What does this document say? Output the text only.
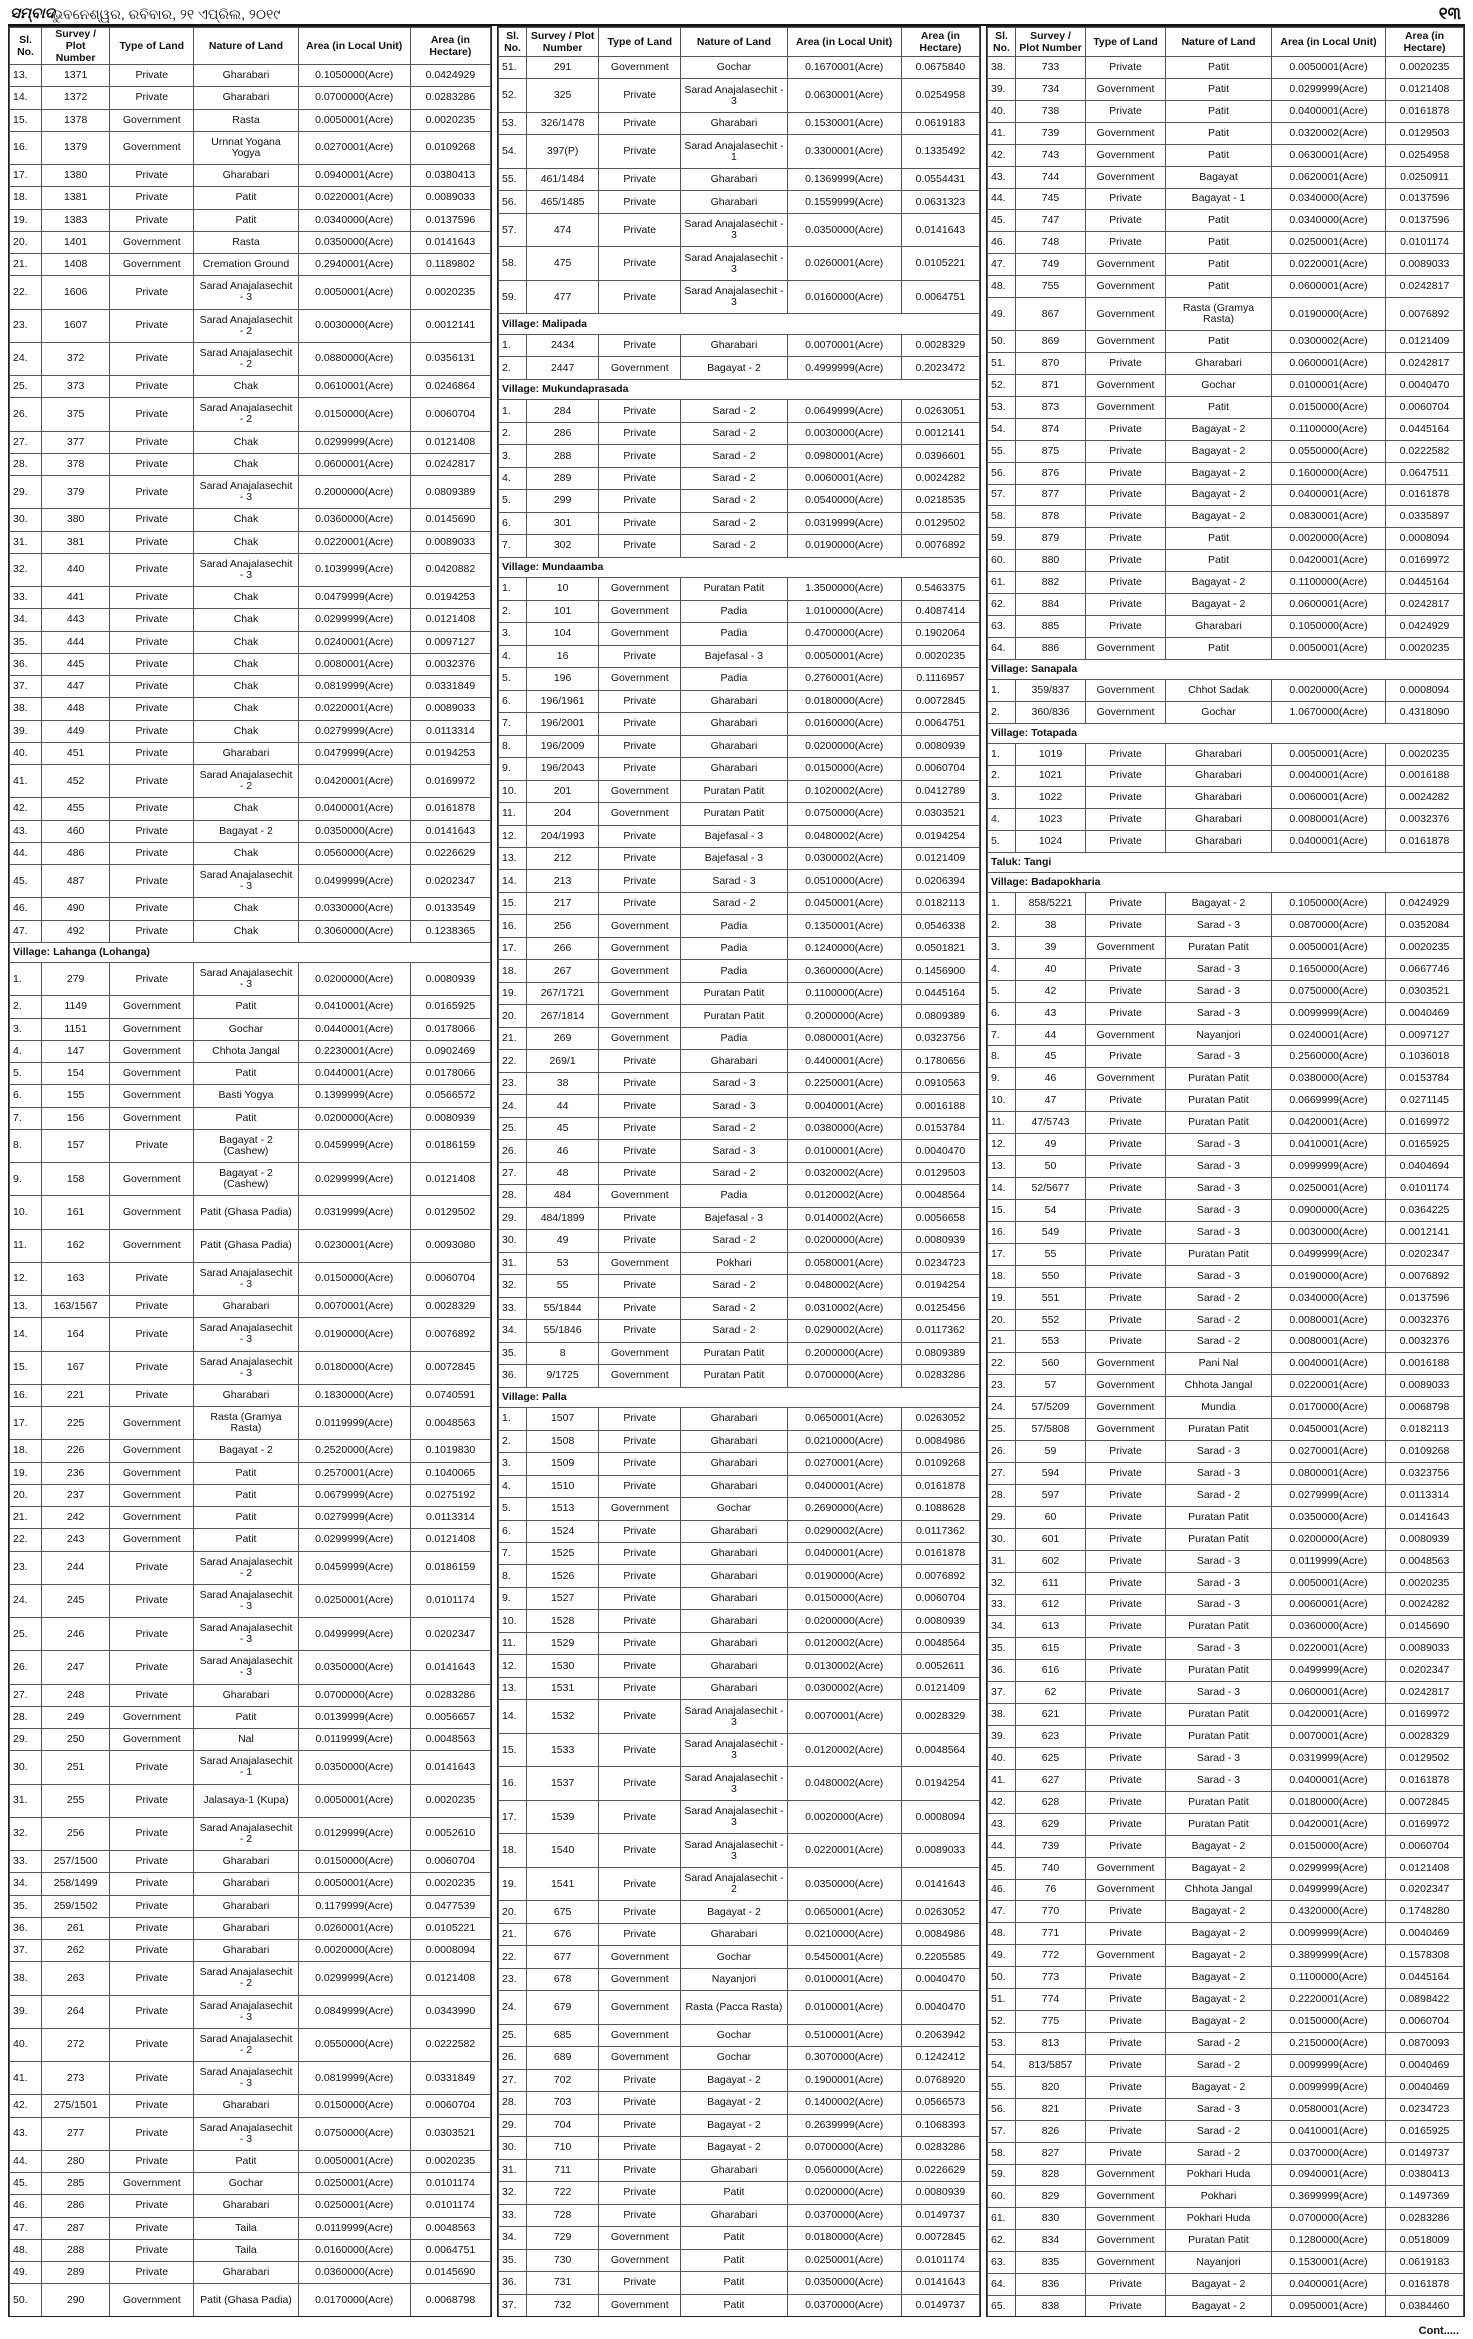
ସମ୍ବାଦ
ଭୁବନେଶ୍ୱର, ରବିବାର, ୨୧ ଏପ୍ରିଲ, ୨୦୧୯	୧୩
Sl. No.	Survey / Plot Number	Type of Land	Nature of Land	Area (in Local Unit)	Area (in Hectare)
13.	1371	Private	Gharabari	0.1050000(Acre)	0.0424929
14.	1372	Private	Gharabari	0.0700000(Acre)	0.0283286
15.	1378	Government	Rasta	0.0050001(Acre)	0.0020235
16.	1379	Government	Urnnat Yogana Yogya	0.0270001(Acre)	0.0109268
17.	1380	Private	Gharabari	0.0940001(Acre)	0.0380413
18.	1381	Private	Patit	0.0220001(Acre)	0.0089033
19.	1383	Private	Patit	0.0340000(Acre)	0.0137596
20.	1401	Government	Rasta	0.0350000(Acre)	0.0141643
21.	1408	Government	Cremation Ground	0.2940001(Acre)	0.1189802
22.	1606	Private	Sarad Anajalasechit - 3	0.0050001(Acre)	0.0020235
23.	1607	Private	Sarad Anajalasechit - 2	0.0030000(Acre)	0.0012141
24.	372	Private	Sarad Anajalasechit - 2	0.0880000(Acre)	0.0356131
25.	373	Private	Chak	0.0610001(Acre)	0.0246864
26.	375	Private	Sarad Anajalasechit - 2	0.0150000(Acre)	0.0060704
27.	377	Private	Chak	0.0299999(Acre)	0.0121408
28.	378	Private	Chak	0.0600001(Acre)	0.0242817
29.	379	Private	Sarad Anajalasechit - 3	0.2000000(Acre)	0.0809389
30.	380	Private	Chak	0.0360000(Acre)	0.0145690
31.	381	Private	Chak	0.0220001(Acre)	0.0089033
32.	440	Private	Sarad Anajalasechit - 3	0.1039999(Acre)	0.0420882
33.	441	Private	Chak	0.0479999(Acre)	0.0194253
34.	443	Private	Chak	0.0299999(Acre)	0.0121408
35.	444	Private	Chak	0.0240001(Acre)	0.0097127
36.	445	Private	Chak	0.0080001(Acre)	0.0032376
37.	447	Private	Chak	0.0819999(Acre)	0.0331849
38.	448	Private	Chak	0.0220001(Acre)	0.0089033
39.	449	Private	Chak	0.0279999(Acre)	0.0113314
40.	451	Private	Gharabari	0.0479999(Acre)	0.0194253
41.	452	Private	Sarad Anajalasechit - 2	0.0420001(Acre)	0.0169972
42.	455	Private	Chak	0.0400001(Acre)	0.0161878
43.	460	Private	Bagayat - 2	0.0350000(Acre)	0.0141643
44.	486	Private	Chak	0.0560000(Acre)	0.0226629
45.	487	Private	Sarad Anajalasechit - 3	0.0499999(Acre)	0.0202347
46.	490	Private	Chak	0.0330000(Acre)	0.0133549
47.	492	Private	Chak	0.3060000(Acre)	0.1238365
Village: Lahanga (Lohanga)					
1.	279	Private	Sarad Anajalasechit - 3	0.0200000(Acre)	0.0080939
2.	1149	Government	Patit	0.0410001(Acre)	0.0165925
3.	1151	Government	Gochar	0.0440001(Acre)	0.0178066
4.	147	Government	Chhota Jangal	0.2230001(Acre)	0.0902469
5.	154	Government	Patit	0.0440001(Acre)	0.0178066
6.	155	Government	Basti Yogya	0.1399999(Acre)	0.0566572
7.	156	Government	Patit	0.0200000(Acre)	0.0080939
8.	157	Private	Bagayat - 2 (Cashew)	0.0459999(Acre)	0.0186159
9.	158	Government	Bagayat - 2 (Cashew)	0.0299999(Acre)	0.0121408
10.	161	Government	Patit (Ghasa Padia)	0.0319999(Acre)	0.0129502
11.	162	Government	Patit (Ghasa Padia)	0.0230001(Acre)	0.0093080
12.	163	Private	Sarad Anajalasechit - 3	0.0150000(Acre)	0.0060704
13.	163/1567	Private	Gharabari	0.0070001(Acre)	0.0028329
14.	164	Private	Sarad Anajalasechit - 3	0.0190000(Acre)	0.0076892
15.	167	Private	Sarad Anajalasechit - 3	0.0180000(Acre)	0.0072845
16.	221	Private	Gharabari	0.1830000(Acre)	0.0740591
17.	225	Government	Rasta (Gramya Rasta)	0.0119999(Acre)	0.0048563
18.	226	Government	Bagayat - 2	0.2520000(Acre)	0.1019830
19.	236	Government	Patit	0.2570001(Acre)	0.1040065
20.	237	Government	Patit	0.0679999(Acre)	0.0275192
21.	242	Government	Patit	0.0279999(Acre)	0.0113314
22.	243	Government	Patit	0.0299999(Acre)	0.0121408
23.	244	Private	Sarad Anajalasechit - 2	0.0459999(Acre)	0.0186159
24.	245	Private	Sarad Anajalasechit - 3	0.0250001(Acre)	0.0101174
25.	246	Private	Sarad Anajalasechit - 3	0.0499999(Acre)	0.0202347
26.	247	Private	Sarad Anajalasechit - 3	0.0350000(Acre)	0.0141643
27.	248	Private	Gharabari	0.0700000(Acre)	0.0283286
28.	249	Government	Patit	0.0139999(Acre)	0.0056657
29.	250	Government	Nal	0.0119999(Acre)	0.0048563
30.	251	Private	Sarad Anajalasechit - 1	0.0350000(Acre)	0.0141643
31.	255	Private	Jalasaya-1 (Kupa)	0.0050001(Acre)	0.0020235
32.	256	Private	Sarad Anajalasechit - 2	0.0129999(Acre)	0.0052610
33.	257/1500	Private	Gharabari	0.0150000(Acre)	0.0060704
34.	258/1499	Private	Gharabari	0.0050001(Acre)	0.0020235
35.	259/1502	Private	Gharabari	0.1179999(Acre)	0.0477539
36.	261	Private	Gharabari	0.0260001(Acre)	0.0105221
37.	262	Private	Gharabari	0.0020000(Acre)	0.0008094
38.	263	Private	Sarad Anajalasechit - 2	0.0299999(Acre)	0.0121408
39.	264	Private	Sarad Anajalasechit - 3	0.0849999(Acre)	0.0343990
40.	272	Private	Sarad Anajalasechit - 2	0.0550000(Acre)	0.0222582
41.	273	Private	Sarad Anajalasechit - 3	0.0819999(Acre)	0.0331849
42.	275/1501	Private	Gharabari	0.0150000(Acre)	0.0060704
43.	277	Private	Sarad Anajalasechit - 3	0.0750000(Acre)	0.0303521
44.	280	Private	Patit	0.0050001(Acre)	0.0020235
45.	285	Government	Gochar	0.0250001(Acre)	0.0101174
46.	286	Private	Gharabari	0.0250001(Acre)	0.0101174
47.	287	Private	Taila	0.0119999(Acre)	0.0048563
48.	288	Private	Taila	0.0160000(Acre)	0.0064751
49.	289	Private	Gharabari	0.0360000(Acre)	0.0145690
50.	290	Government	Patit (Ghasa Padia)	0.0170000(Acre)	0.0068798
Sl. No.	Survey / Plot Number	Type of Land	Nature of Land	Area (in Local Unit)	Area (in Hectare)
51.	291	Government	Gochar	0.1670001(Acre)	0.0675840
52.	325	Private	Sarad Anajalasechit - 3	0.0630001(Acre)	0.0254958
53.	326/1478	Private	Gharabari	0.1530001(Acre)	0.0619183
54.	397(P)	Private	Sarad Anajalasechit - 1	0.3300001(Acre)	0.1335492
55.	461/1484	Private	Gharabari	0.1369999(Acre)	0.0554431
56.	465/1485	Private	Gharabari	0.1559999(Acre)	0.0631323
57.	474	Private	Sarad Anajalasechit - 3	0.0350000(Acre)	0.0141643
58.	475	Private	Sarad Anajalasechit - 3	0.0260001(Acre)	0.0105221
59.	477	Private	Sarad Anajalasechit - 3	0.0160000(Acre)	0.0064751
Village: Malipada					
1.	2434	Private	Gharabari	0.0070001(Acre)	0.0028329
2.	2447	Government	Bagayat - 2	0.4999999(Acre)	0.2023472
Village: Mukundaprasada					
1.	284	Private	Sarad - 2	0.0649999(Acre)	0.0263051
2.	286	Private	Sarad - 2	0.0030000(Acre)	0.0012141
3.	288	Private	Sarad - 2	0.0980001(Acre)	0.0396601
4.	289	Private	Sarad - 2	0.0060001(Acre)	0.0024282
5.	299	Private	Sarad - 2	0.0540000(Acre)	0.0218535
6.	301	Private	Sarad - 2	0.0319999(Acre)	0.0129502
7.	302	Private	Sarad - 2	0.0190000(Acre)	0.0076892
Village: Mundaamba					
1.	10	Government	Puratan Patit	1.3500000(Acre)	0.5463375
2.	101	Government	Padia	1.0100000(Acre)	0.4087414
3.	104	Government	Padia	0.4700000(Acre)	0.1902064
4.	16	Private	Bajefasal - 3	0.0050001(Acre)	0.0020235
5.	196	Government	Padia	0.2760001(Acre)	0.1116957
6.	196/1961	Private	Gharabari	0.0180000(Acre)	0.0072845
7.	196/2001	Private	Gharabari	0.0160000(Acre)	0.0064751
8.	196/2009	Private	Gharabari	0.0200000(Acre)	0.0080939
9.	196/2043	Private	Gharabari	0.0150000(Acre)	0.0060704
10.	201	Government	Puratan Patit	0.1020002(Acre)	0.0412789
11.	204	Government	Puratan Patit	0.0750000(Acre)	0.0303521
12.	204/1993	Private	Bajefasal - 3	0.0480002(Acre)	0.0194254
13.	212	Private	Bajefasal - 3	0.0300002(Acre)	0.0121409
14.	213	Private	Sarad - 3	0.0510000(Acre)	0.0206394
15.	217	Private	Sarad - 2	0.0450001(Acre)	0.0182113
16.	256	Government	Padia	0.1350001(Acre)	0.0546338
17.	266	Government	Padia	0.1240000(Acre)	0.0501821
18.	267	Government	Padia	0.3600000(Acre)	0.1456900
19.	267/1721	Government	Puratan Patit	0.1100000(Acre)	0.0445164
20.	267/1814	Government	Puratan Patit	0.2000000(Acre)	0.0809389
21.	269	Government	Padia	0.0800001(Acre)	0.0323756
22.	269/1	Private	Gharabari	0.4400001(Acre)	0.1780656
23.	38	Private	Sarad - 3	0.2250001(Acre)	0.0910563
24.	44	Private	Sarad - 3	0.0040001(Acre)	0.0016188
25.	45	Private	Sarad - 2	0.0380000(Acre)	0.0153784
26.	46	Private	Sarad - 3	0.0100001(Acre)	0.0040470
27.	48	Private	Sarad - 2	0.0320002(Acre)	0.0129503
28.	484	Government	Padia	0.0120002(Acre)	0.0048564
29.	484/1899	Private	Bajefasal - 3	0.0140002(Acre)	0.0056658
30.	49	Private	Sarad - 2	0.0200000(Acre)	0.0080939
31.	53	Government	Pokhari	0.0580001(Acre)	0.0234723
32.	55	Private	Sarad - 2	0.0480002(Acre)	0.0194254
33.	55/1844	Private	Sarad - 2	0.0310002(Acre)	0.0125456
34.	55/1846	Private	Sarad - 2	0.0290002(Acre)	0.0117362
35.	8	Government	Puratan Patit	0.2000000(Acre)	0.0809389
36.	9/1725	Government	Puratan Patit	0.0700000(Acre)	0.0283286
Village: Palla					
1.	1507	Private	Gharabari	0.0650001(Acre)	0.0263052
2.	1508	Private	Gharabari	0.0210000(Acre)	0.0084986
3.	1509	Private	Gharabari	0.0270001(Acre)	0.0109268
4.	1510	Private	Gharabari	0.0400001(Acre)	0.0161878
5.	1513	Government	Gochar	0.2690000(Acre)	0.1088628
6.	1524	Private	Gharabari	0.0290002(Acre)	0.0117362
7.	1525	Private	Gharabari	0.0400001(Acre)	0.0161878
8.	1526	Private	Gharabari	0.0190000(Acre)	0.0076892
9.	1527	Private	Gharabari	0.0150000(Acre)	0.0060704
10.	1528	Private	Gharabari	0.0200000(Acre)	0.0080939
11.	1529	Private	Gharabari	0.0120002(Acre)	0.0048564
12.	1530	Private	Gharabari	0.0130002(Acre)	0.0052611
13.	1531	Private	Gharabari	0.0300002(Acre)	0.0121409
14.	1532	Private	Sarad Anajalasechit - 3	0.0070001(Acre)	0.0028329
15.	1533	Private	Sarad Anajalasechit - 3	0.0120002(Acre)	0.0048564
16.	1537	Private	Sarad Anajalasechit - 3	0.0480002(Acre)	0.0194254
17.	1539	Private	Sarad Anajalasechit - 3	0.0020000(Acre)	0.0008094
18.	1540	Private	Sarad Anajalasechit - 3	0.0220001(Acre)	0.0089033
19.	1541	Private	Sarad Anajalasechit - 2	0.0350000(Acre)	0.0141643
20.	675	Private	Bagayat - 2	0.0650001(Acre)	0.0263052
21.	676	Private	Gharabari	0.0210000(Acre)	0.0084986
22.	677	Government	Gochar	0.5450001(Acre)	0.2205585
23.	678	Government	Nayanjori	0.0100001(Acre)	0.0040470
24.	679	Government	Rasta (Pacca Rasta)	0.0100001(Acre)	0.0040470
25.	685	Government	Gochar	0.5100001(Acre)	0.2063942
26.	689	Government	Gochar	0.3070000(Acre)	0.1242412
27.	702	Private	Bagayat - 2	0.1900001(Acre)	0.0768920
28.	703	Private	Bagayat - 2	0.1400002(Acre)	0.0566573
29.	704	Private	Bagayat - 2	0.2639999(Acre)	0.1068393
30.	710	Private	Bagayat - 2	0.0700000(Acre)	0.0283286
31.	711	Private	Gharabari	0.0560000(Acre)	0.0226629
32.	722	Private	Patit	0.0200000(Acre)	0.0080939
33.	728	Private	Gharabari	0.0370000(Acre)	0.0149737
34.	729	Government	Patit	0.0180000(Acre)	0.0072845
35.	730	Government	Patit	0.0250001(Acre)	0.0101174
36.	731	Private	Patit	0.0350000(Acre)	0.0141643
37.	732	Government	Patit	0.0370000(Acre)	0.0149737
Sl. No.	Survey / Plot Number	Type of Land	Nature of Land	Area (in Local Unit)	Area (in Hectare)
38.	733	Private	Patit	0.0050001(Acre)	0.0020235
39.	734	Government	Patit	0.0299999(Acre)	0.0121408
40.	738	Private	Patit	0.0400001(Acre)	0.0161878
41.	739	Government	Patit	0.0320002(Acre)	0.0129503
42.	743	Government	Patit	0.0630001(Acre)	0.0254958
43.	744	Government	Bagayat	0.0620001(Acre)	0.0250911
44.	745	Private	Bagayat - 1	0.0340000(Acre)	0.0137596
45.	747	Private	Patit	0.0340000(Acre)	0.0137596
46.	748	Private	Patit	0.0250001(Acre)	0.0101174
47.	749	Government	Patit	0.0220001(Acre)	0.0089033
48.	755	Government	Patit	0.0600001(Acre)	0.0242817
49.	867	Government	Rasta (Gramya Rasta)	0.0190000(Acre)	0.0076892
50.	869	Government	Patit	0.0300002(Acre)	0.0121409
51.	870	Private	Gharabari	0.0600001(Acre)	0.0242817
52.	871	Government	Gochar	0.0100001(Acre)	0.0040470
53.	873	Government	Patit	0.0150000(Acre)	0.0060704
54.	874	Private	Bagayat - 2	0.1100000(Acre)	0.0445164
55.	875	Private	Bagayat - 2	0.0550000(Acre)	0.0222582
56.	876	Private	Bagayat - 2	0.1600000(Acre)	0.0647511
57.	877	Private	Bagayat - 2	0.0400001(Acre)	0.0161878
58.	878	Private	Bagayat - 2	0.0830001(Acre)	0.0335897
59.	879	Private	Patit	0.0020000(Acre)	0.0008094
60.	880	Private	Patit	0.0420001(Acre)	0.0169972
61.	882	Private	Bagayat - 2	0.1100000(Acre)	0.0445164
62.	884	Private	Bagayat - 2	0.0600001(Acre)	0.0242817
63.	885	Private	Gharabari	0.1050000(Acre)	0.0424929
64.	886	Government	Patit	0.0050001(Acre)	0.0020235
Village: Sanapala					
1.	359/837	Government	Chhot Sadak	0.0020000(Acre)	0.0008094
2.	360/836	Government	Gochar	1.0670000(Acre)	0.4318090
Village: Totapada					
1.	1019	Private	Gharabari	0.0050001(Acre)	0.0020235
2.	1021	Private	Gharabari	0.0040001(Acre)	0.0016188
3.	1022	Private	Gharabari	0.0060001(Acre)	0.0024282
4.	1023	Private	Gharabari	0.0080001(Acre)	0.0032376
5.	1024	Private	Gharabari	0.0400001(Acre)	0.0161878
Taluk: Tangi					
Village: Badapokharia					
1.	858/5221	Private	Bagayat - 2	0.1050000(Acre)	0.0424929
2.	38	Private	Sarad - 3	0.0870000(Acre)	0.0352084
3.	39	Government	Puratan Patit	0.0050001(Acre)	0.0020235
4.	40	Private	Sarad - 3	0.1650000(Acre)	0.0667746
5.	42	Private	Sarad - 3	0.0750000(Acre)	0.0303521
6.	43	Private	Sarad - 3	0.0099999(Acre)	0.0040469
7.	44	Government	Nayanjori	0.0240001(Acre)	0.0097127
8.	45	Private	Sarad - 3	0.2560000(Acre)	0.1036018
9.	46	Government	Puratan Patit	0.0380000(Acre)	0.0153784
10.	47	Private	Puratan Patit	0.0669999(Acre)	0.0271145
11.	47/5743	Private	Puratan Patit	0.0420001(Acre)	0.0169972
12.	49	Private	Sarad - 3	0.0410001(Acre)	0.0165925
13.	50	Private	Sarad - 3	0.0999999(Acre)	0.0404694
14.	52/5677	Private	Sarad - 3	0.0250001(Acre)	0.0101174
15.	54	Private	Sarad - 3	0.0900000(Acre)	0.0364225
16.	549	Private	Sarad - 3	0.0030000(Acre)	0.0012141
17.	55	Private	Puratan Patit	0.0499999(Acre)	0.0202347
18.	550	Private	Sarad - 3	0.0190000(Acre)	0.0076892
19.	551	Private	Sarad - 2	0.0340000(Acre)	0.0137596
20.	552	Private	Sarad - 2	0.0080001(Acre)	0.0032376
21.	553	Private	Sarad - 2	0.0080001(Acre)	0.0032376
22.	560	Government	Pani Nal	0.0040001(Acre)	0.0016188
23.	57	Government	Chhota Jangal	0.0220001(Acre)	0.0089033
24.	57/5209	Government	Mundia	0.0170000(Acre)	0.0068798
25.	57/5808	Government	Puratan Patit	0.0450001(Acre)	0.0182113
26.	59	Private	Sarad - 3	0.0270001(Acre)	0.0109268
27.	594	Private	Sarad - 3	0.0800001(Acre)	0.0323756
28.	597	Private	Sarad - 2	0.0279999(Acre)	0.0113314
29.	60	Private	Puratan Patit	0.0350000(Acre)	0.0141643
30.	601	Private	Puratan Patit	0.0200000(Acre)	0.0080939
31.	602	Private	Sarad - 3	0.0119999(Acre)	0.0048563
32.	611	Private	Sarad - 3	0.0050001(Acre)	0.0020235
33.	612	Private	Sarad - 3	0.0060001(Acre)	0.0024282
34.	613	Private	Puratan Patit	0.0360000(Acre)	0.0145690
35.	615	Private	Sarad - 3	0.0220001(Acre)	0.0089033
36.	616	Private	Puratan Patit	0.0499999(Acre)	0.0202347
37.	62	Private	Sarad - 3	0.0600001(Acre)	0.0242817
38.	621	Private	Puratan Patit	0.0420001(Acre)	0.0169972
39.	623	Private	Puratan Patit	0.0070001(Acre)	0.0028329
40.	625	Private	Sarad - 3	0.0319999(Acre)	0.0129502
41.	627	Private	Sarad - 3	0.0400001(Acre)	0.0161878
42.	628	Private	Puratan Patit	0.0180000(Acre)	0.0072845
43.	629	Private	Puratan Patit	0.0420001(Acre)	0.0169972
44.	739	Private	Bagayat - 2	0.0150000(Acre)	0.0060704
45.	740	Government	Bagayat - 2	0.0299999(Acre)	0.0121408
46.	76	Government	Chhota Jangal	0.0499999(Acre)	0.0202347
47.	770	Private	Bagayat - 2	0.4320000(Acre)	0.1748280
48.	771	Private	Bagayat - 2	0.0099999(Acre)	0.0040469
49.	772	Government	Bagayat - 2	0.3899999(Acre)	0.1578308
50.	773	Private	Bagayat - 2	0.1100000(Acre)	0.0445164
51.	774	Private	Bagayat - 2	0.2220001(Acre)	0.0898422
52.	775	Private	Bagayat - 2	0.0150000(Acre)	0.0060704
53.	813	Private	Sarad - 2	0.2150000(Acre)	0.0870093
54.	813/5857	Private	Sarad - 2	0.0099999(Acre)	0.0040469
55.	820	Private	Bagayat - 2	0.0099999(Acre)	0.0040469
56.	821	Private	Sarad - 3	0.0580001(Acre)	0.0234723
57.	826	Private	Sarad - 2	0.0410001(Acre)	0.0165925
58.	827	Private	Sarad - 2	0.0370000(Acre)	0.0149737
59.	828	Government	Pokhari Huda	0.0940001(Acre)	0.0380413
60.	829	Government	Pokhari	0.3699999(Acre)	0.1497369
61.	830	Government	Pokhari Huda	0.0700000(Acre)	0.0283286
62.	834	Government	Puratan Patit	0.1280000(Acre)	0.0518009
63.	835	Government	Nayanjori	0.1530001(Acre)	0.0619183
64.	836	Private	Bagayat - 2	0.0400001(Acre)	0.0161878
65.	838	Private	Bagayat - 2	0.0950001(Acre)	0.0384460
Cont.....
